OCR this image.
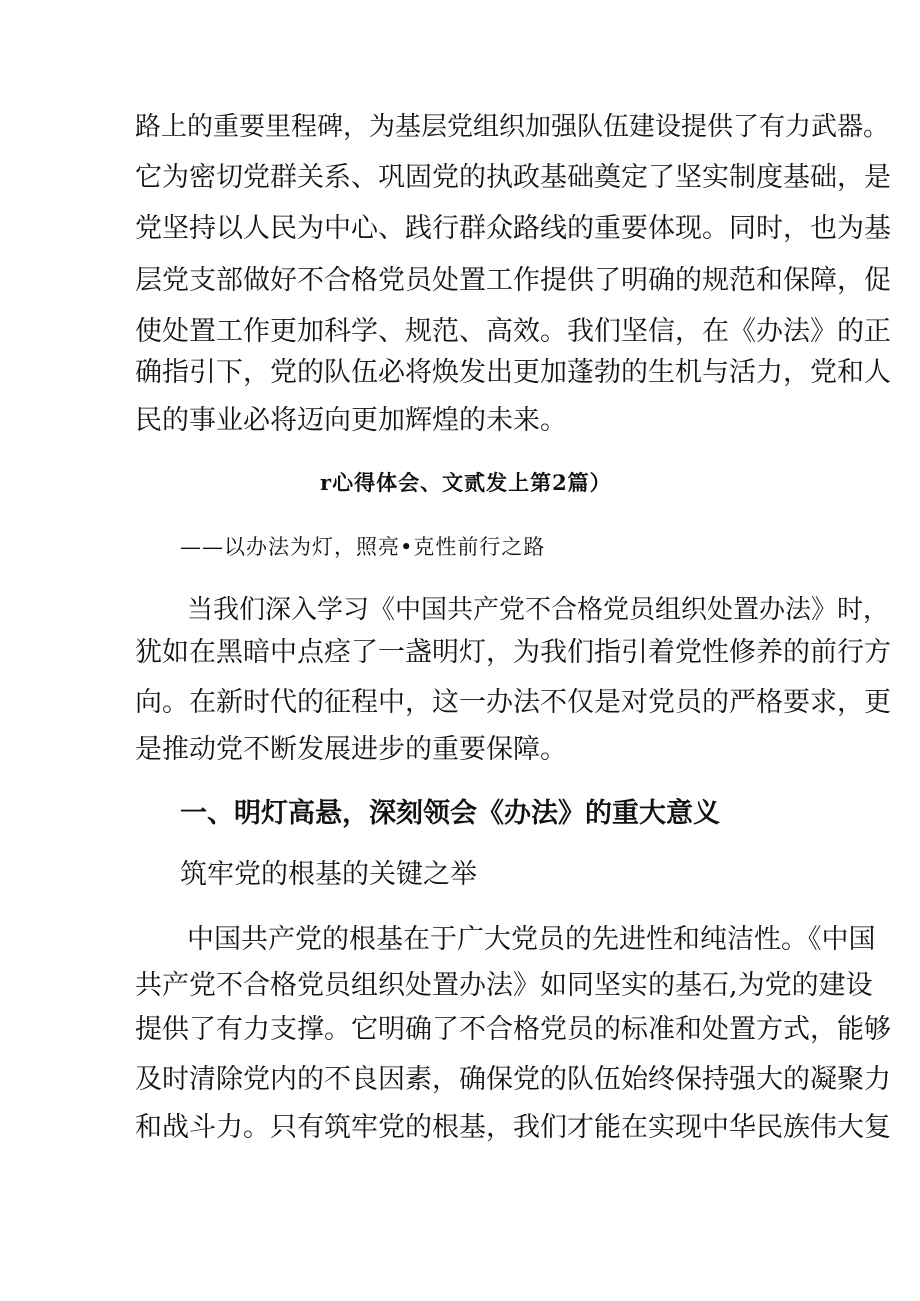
路上的重要里程碑，为基层党组织加强队伍建设提供了有力武器。

它为密切党群关系、巩固党的执政基础奠定了坚实制度基础，是

党坚持以人民为中心、践行群众路线的重要体现。同时，也为基

层党支部做好不合格党员处置工作提供了明确的规范和保障，促

使处置工作更加科学、规范、高效。我们坚信，在《办法》的正

确指引下，党的队伍必将焕发出更加蓬勃的生机与活力，党和人

民的事业必将迈向更加辉煌的未来。

r心得体会、文贰发上第2篇）

——以办法为灯，照亮•克性前行之路

当我们深入学习《中国共产党不合格党员组织处置办法》时，

犹如在黑暗中点痉了一盏明灯，为我们指引着党性修养的前行方

向。在新时代的征程中，这一办法不仅是对党员的严格要求，更

是推动党不断发展进步的重要保障。

一、明灯高悬，深刻领会《办法》的重大意义

筑牢党的根基的关键之举

中国共产党的根基在于广大党员的先进性和纯洁性。《中国

共产党不合格党员组织处置办法》如同坚实的基石,为党的建设

提供了有力支撑。它明确了不合格党员的标准和处置方式，能够

及时清除党内的不良因素，确保党的队伍始终保持强大的凝聚力

和战斗力。只有筑牢党的根基，我们才能在实现中华民族伟大复
